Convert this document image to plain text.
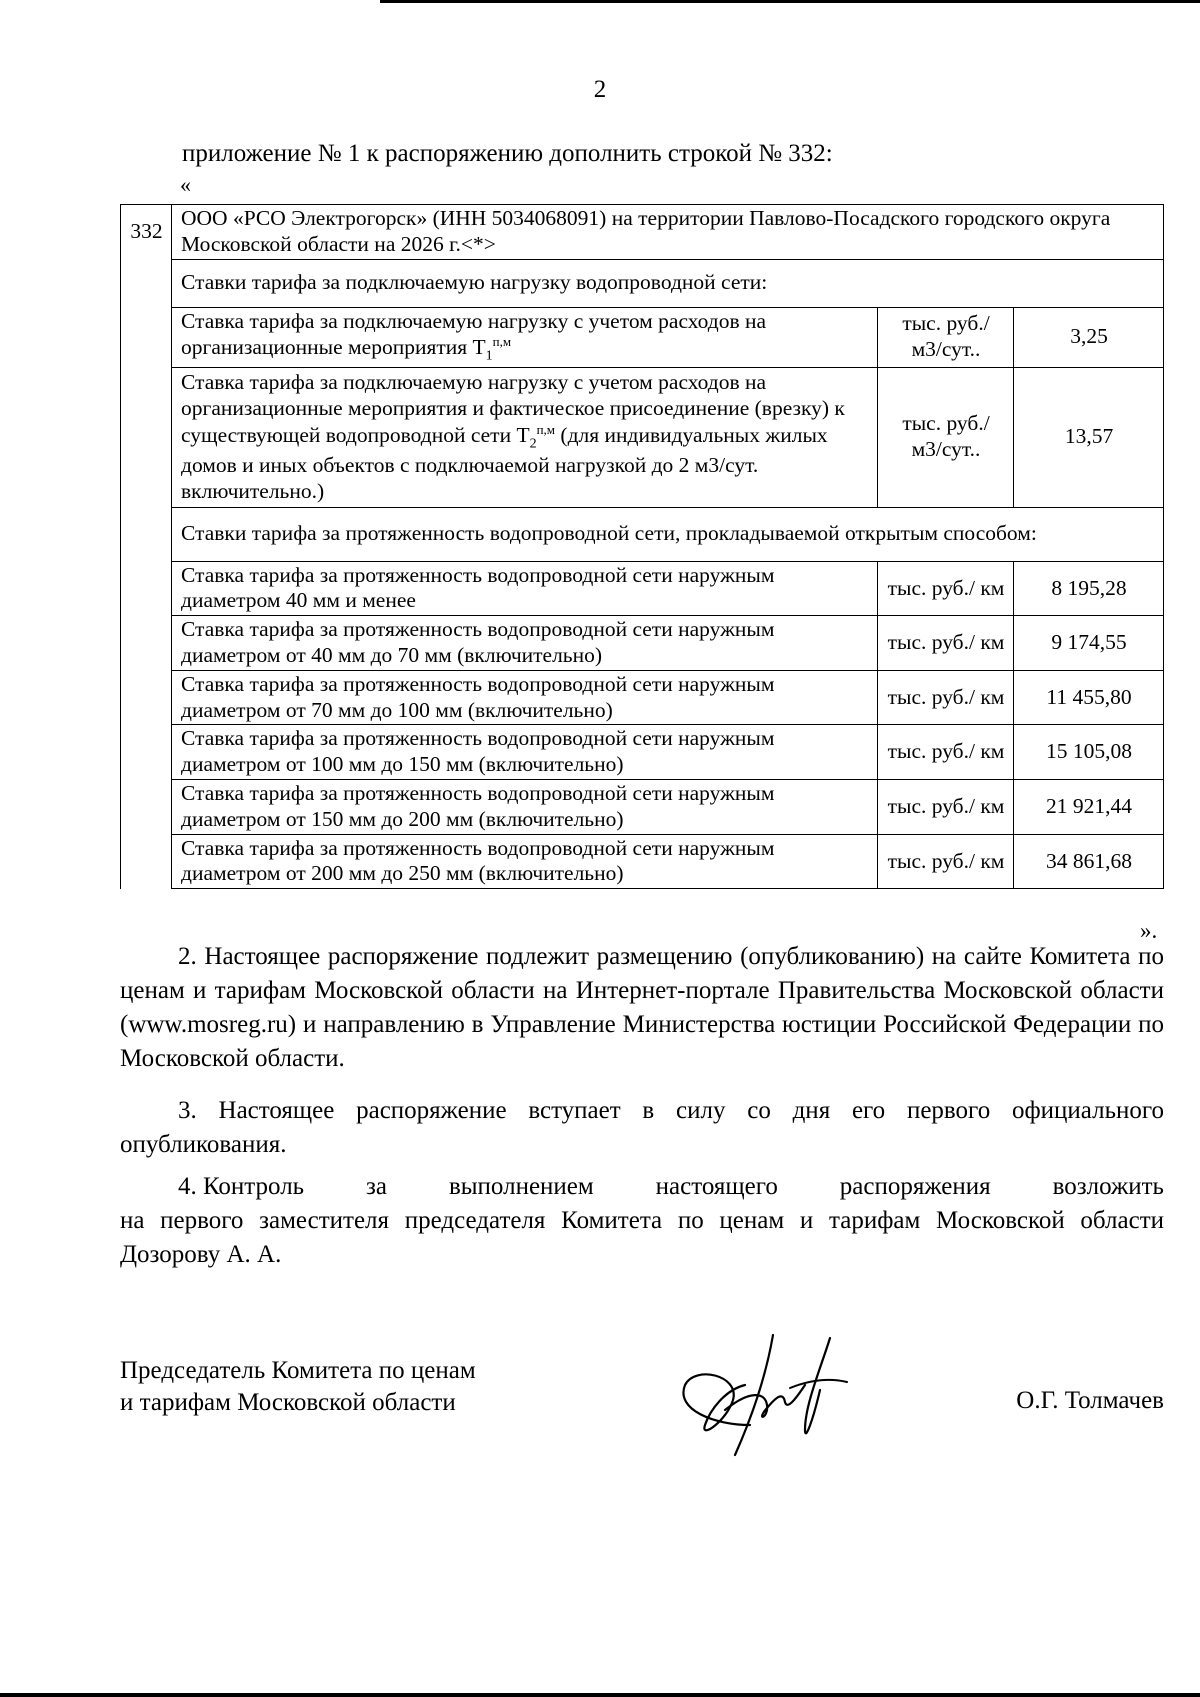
2
приложение № 1 к распоряжению дополнить строкой № 332:
«
332	ООО «РСО Электрогорск» (ИНН 5034068091) на территории Павлово-Посадского городского округа Московской области на 2026 г.<*>		
	Ставки тарифа за подключаемую нагрузку водопроводной сети:		
	Ставка тарифа за подключаемую нагрузку с учетом расходов на организационные мероприятия $Т_1^{п,м}$	тыс. руб./ м3/сут..	3,25
	Ставка тарифа за подключаемую нагрузку с учетом расходов на организационные мероприятия и фактическое присоединение (врезку) к существующей водопроводной сети $Т_2^{п,м}$ (для индивидуальных жилых домов и иных объектов с подключаемой нагрузкой до 2 м3/сут. включительно.)	тыс. руб./ м3/сут..	13,57
	Ставки тарифа за протяженность водопроводной сети, прокладываемой открытым способом:		
	Ставка тарифа за протяженность водопроводной сети наружным диаметром 40 мм и менее	тыс. руб./ км	8 195,28
	Ставка тарифа за протяженность водопроводной сети наружным диаметром от 40 мм до 70 мм (включительно)	тыс. руб./ км	9 174,55
	Ставка тарифа за протяженность водопроводной сети наружным диаметром от 70 мм до 100 мм (включительно)	тыс. руб./ км	11 455,80
	Ставка тарифа за протяженность водопроводной сети наружным диаметром от 100 мм до 150 мм (включительно)	тыс. руб./ км	15 105,08
	Ставка тарифа за протяженность водопроводной сети наружным диаметром от 150 мм до 200 мм (включительно)	тыс. руб./ км	21 921,44
	Ставка тарифа за протяженность водопроводной сети наружным диаметром от 200 мм до 250 мм (включительно)	тыс. руб./ км	34 861,68
».
2. Настоящее распоряжение подлежит размещению (опубликованию) на сайте Комитета по ценам и тарифам Московской области на Интернет-портале Правительства Московской области (www.mosreg.ru) и направлению в Управление Министерства юстиции Российской Федерации по Московской области.
3. Настоящее распоряжение вступает в силу со дня его первого официального опубликования.
4. Контроль за выполнением настоящего распоряжения возложить
на первого заместителя председателя Комитета по ценам и тарифам Московской области Дозорову А. А.
Председатель Комитета по ценам
и тарифам Московской области	О.Г. Толмачев
